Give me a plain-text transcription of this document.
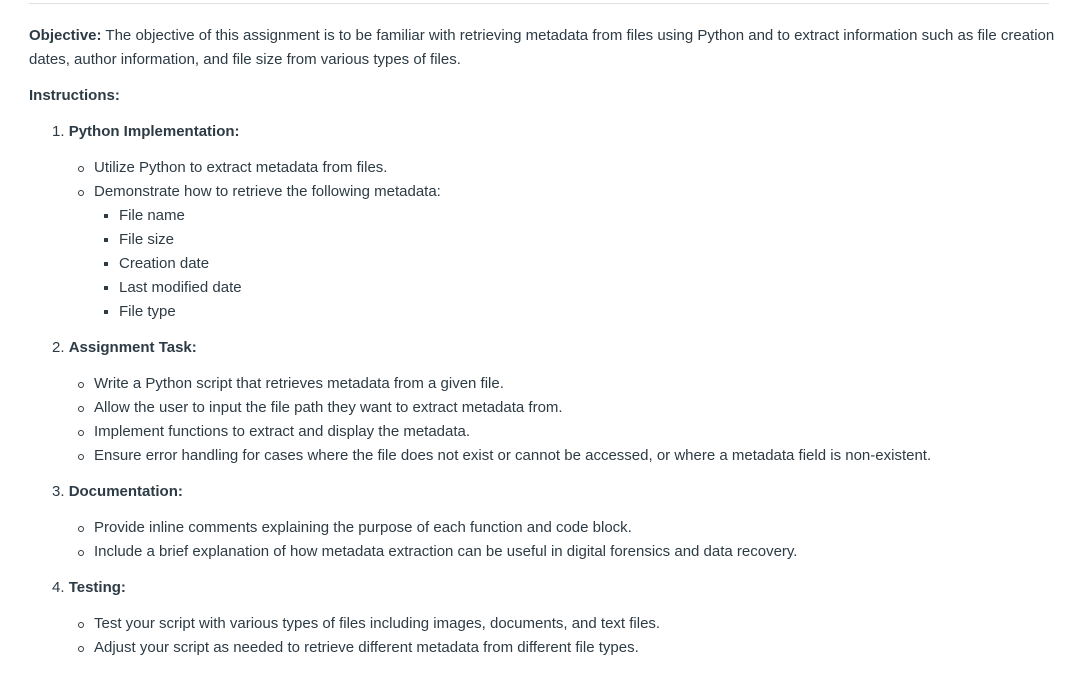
Objective: The objective of this assignment is to be familiar with retrieving metadata from files using Python and to extract information such as file creation dates, author information, and file size from various types of files.

Instructions:

1. Python Implementation:
Utilize Python to extract metadata from files.
Demonstrate how to retrieve the following metadata:
File name
File size
Creation date
Last modified date
File type
2. Assignment Task:
Write a Python script that retrieves metadata from a given file.
Allow the user to input the file path they want to extract metadata from.
Implement functions to extract and display the metadata.
Ensure error handling for cases where the file does not exist or cannot be accessed, or where a metadata field is non-existent.
3. Documentation:
Provide inline comments explaining the purpose of each function and code block.
Include a brief explanation of how metadata extraction can be useful in digital forensics and data recovery.
4. Testing:
Test your script with various types of files including images, documents, and text files.
Adjust your script as needed to retrieve different metadata from different file types.
